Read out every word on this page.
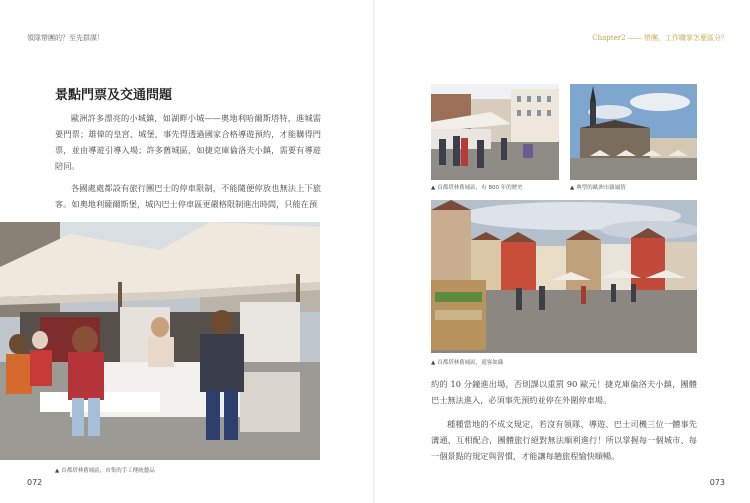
領隊帶團的？至先群謀！
景點門票及交通問題

歐洲許多漂亮的小城鎮，如湖畔小城——奧地利哈爾斯塔特，進城需要門票；雄偉的皇宮、城堡，事先得透過國家合格導遊預約，才能購得門票，並由導遊引導入場；許多舊城區，如捷克庫倫洛夫小鎮，需要有導遊陪同。

各國處處都設有旅行團巴士的停車限制，不能隨便停放也無法上下旅客。如奧地利薩爾斯堡，城內巴士停車區更嚴格限制進出時間，只能在預

▲ 首都塔林舊城區，市集的手工傳統藝品
072
Chapter2 —— 帶團，工作職掌怎麼區分？
▲ 首都塔林舊城區，有 800 年的歷史	▲ 典型的歐洲市鎮風情
▲ 首都塔林舊城區，遊客如織

約的 10 分鐘進出場，否則課以重罰 90 歐元！捷克庫倫洛夫小鎮，團體巴士無法進入，必須事先預約並停在外圍停車場。

種種當地的不成文規定，若沒有領隊、導遊、巴士司機三位一體事先溝通、互相配合，團體旅行絕對無法順利進行！所以掌握每一個城市、每一個景點的規定與習慣，才能讓每趟旅程愉快順暢。

073
